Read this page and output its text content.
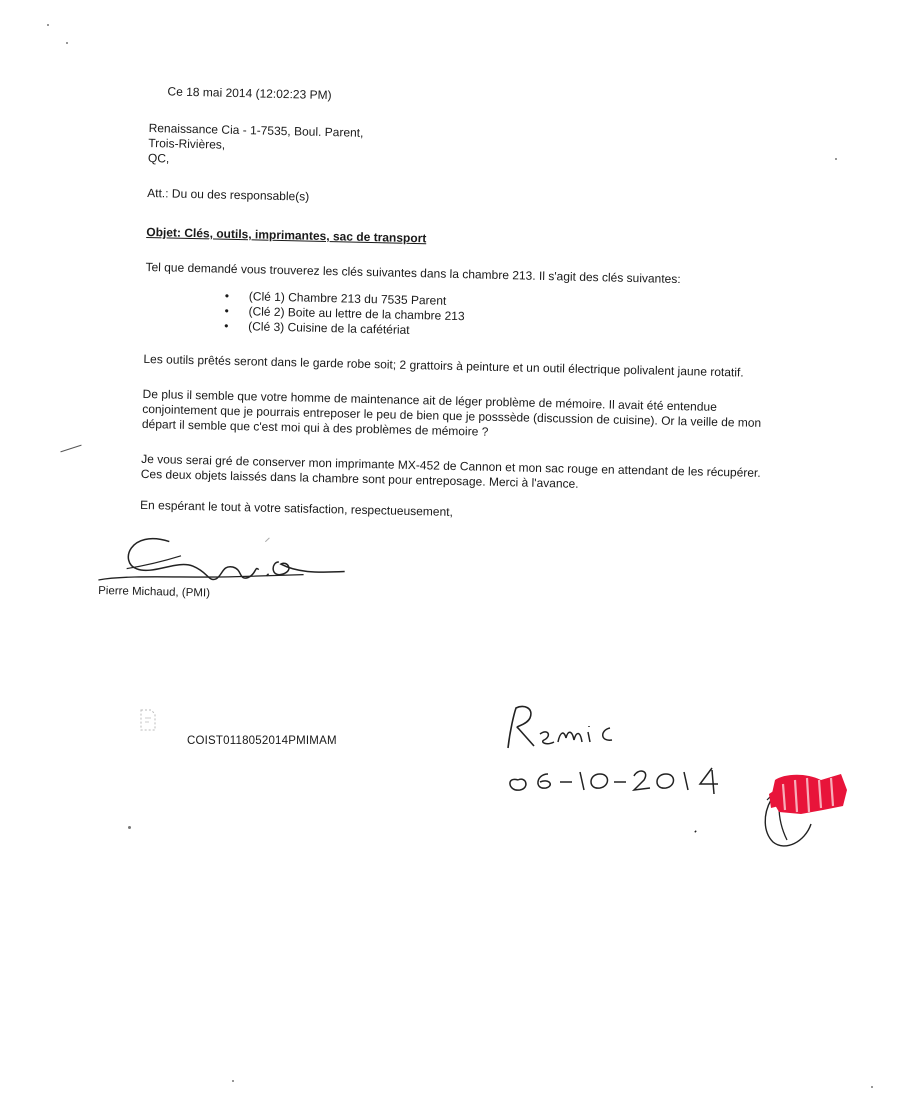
Ce 18 mai 2014 (12:02:23 PM)
Renaissance Cia - 1-7535, Boul. Parent,
Trois-Rivières,
QC,
Att.: Du ou des responsable(s)
Objet: Clés, outils, imprimantes, sac de transport
Tel que demandé vous trouverez les clés suivantes dans la chambre 213. Il s'agit des clés suivantes:
• (Clé 1) Chambre 213 du 7535 Parent
• (Clé 2) Boite au lettre de la chambre 213
• (Clé 3) Cuisine de la cafétériat
Les outils prêtés seront dans le garde robe soit; 2 grattoirs à peinture et un outil électrique polivalent jaune rotatif.
De plus il semble que votre homme de maintenance ait de léger problème de mémoire. Il avait été entendue conjointement que je pourrais entreposer le peu de bien que je posssède (discussion de cuisine). Or la veille de mon départ il semble que c'est moi qui à des problèmes de mémoire ?
Je vous serai gré de conserver mon imprimante MX-452 de Cannon et mon sac rouge en attendant de les récupérer. Ces deux objets laissés dans la chambre sont pour entreposage. Merci à l'avance.
En espérant le tout à votre satisfaction, respectueusement,
Pierre Michaud, (PMI)
COIST0118052014PMIMAM
